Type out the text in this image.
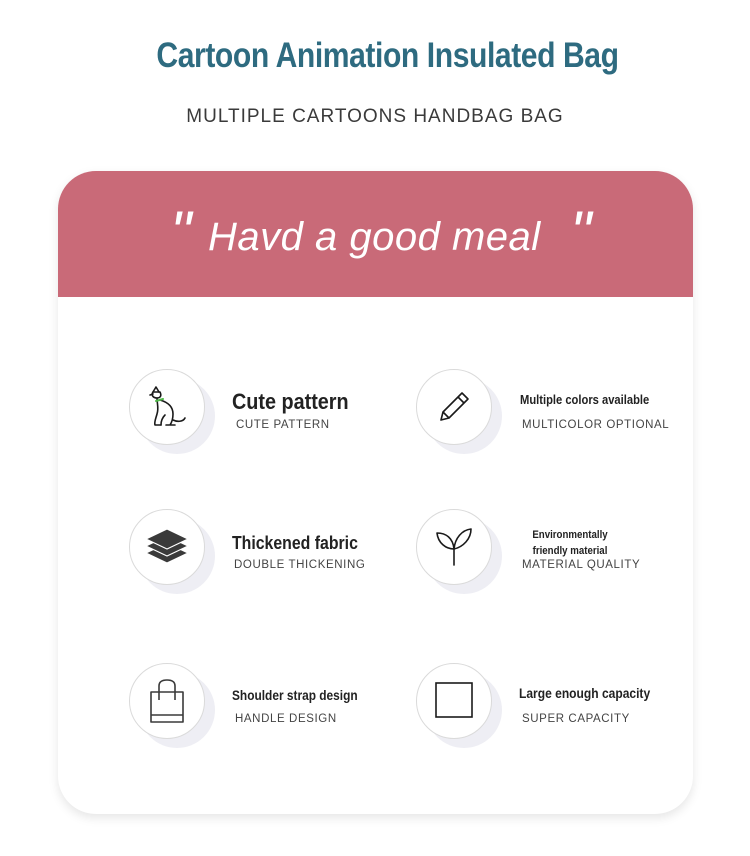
Cartoon Animation Insulated Bag
MULTIPLE CARTOONS HANDBAG BAG
" Havd a good meal "
Cute pattern
CUTE PATTERN
Multiple colors available
MULTICOLOR OPTIONAL
Thickened fabric
DOUBLE THICKENING
Environmentally friendly material
MATERIAL QUALITY
Shoulder strap design
HANDLE DESIGN
Large enough capacity
SUPER CAPACITY
